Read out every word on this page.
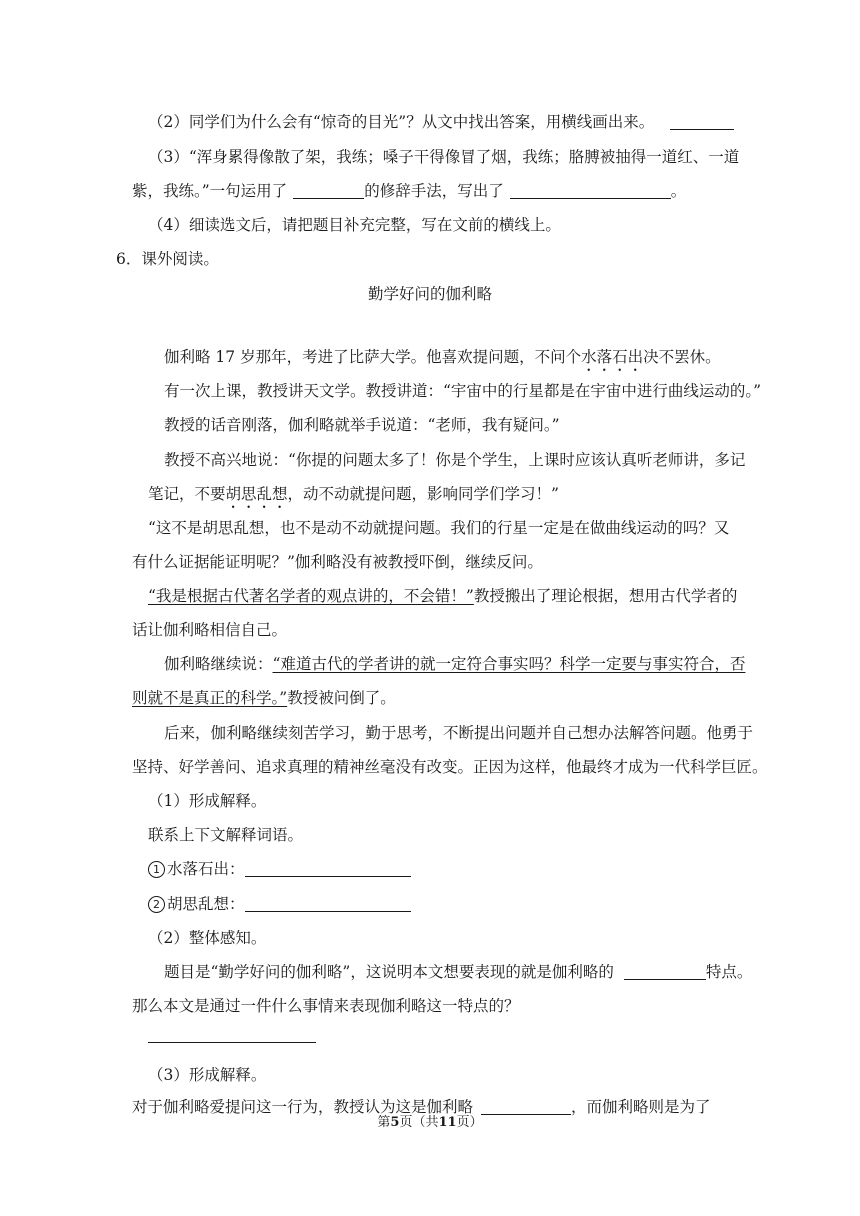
（2）同学们为什么会有“惊奇的目光”？从文中找出答案，用横线画出来。
（3）“浑身累得像散了架，我练；嗓子干得像冒了烟，我练；胳膊被抽得一道红、一道
紫，我练。”一句运用了	的修辞手法，写出了	。
（4）细读选文后，请把题目补充完整，写在文前的横线上。
6．课外阅读。
勤学好问的伽利略
伽利略 17 岁那年，考进了比萨大学。他喜欢提问题，不问个水落石出决不罢休。
有一次上课，教授讲天文学。教授讲道：“宇宙中的行星都是在宇宙中进行曲线运动的。”
教授的话音刚落，伽利略就举手说道：“老师，我有疑问。”
教授不高兴地说：“你提的问题太多了！你是个学生，上课时应该认真听老师讲，多记
笔记，不要胡思乱想，动不动就提问题，影响同学们学习！”
“这不是胡思乱想，也不是动不动就提问题。我们的行星一定是在做曲线运动的吗？又
有什么证据能证明呢？”伽利略没有被教授吓倒，继续反问。
“我是根据古代著名学者的观点讲的，不会错！”教授搬出了理论根据，想用古代学者的
话让伽利略相信自己。
伽利略继续说：“难道古代的学者讲的就一定符合事实吗？科学一定要与事实符合，否
则就不是真正的科学。”教授被问倒了。
后来，伽利略继续刻苦学习，勤于思考，不断提出问题并自己想办法解答问题。他勇于
坚持、好学善问、追求真理的精神丝毫没有改变。正因为这样，他最终才成为一代科学巨匠。
（1）形成解释。
联系上下文解释词语。
1 水落石出：
2 胡思乱想：
（2）整体感知。
题目是“勤学好问的伽利略”，这说明本文想要表现的就是伽利略的	特点。
那么本文是通过一件什么事情来表现伽利略这一特点的？
（3）形成解释。
对于伽利略爱提问这一行为，教授认为这是伽利略	，而伽利略则是为了
第5页（共11页）
